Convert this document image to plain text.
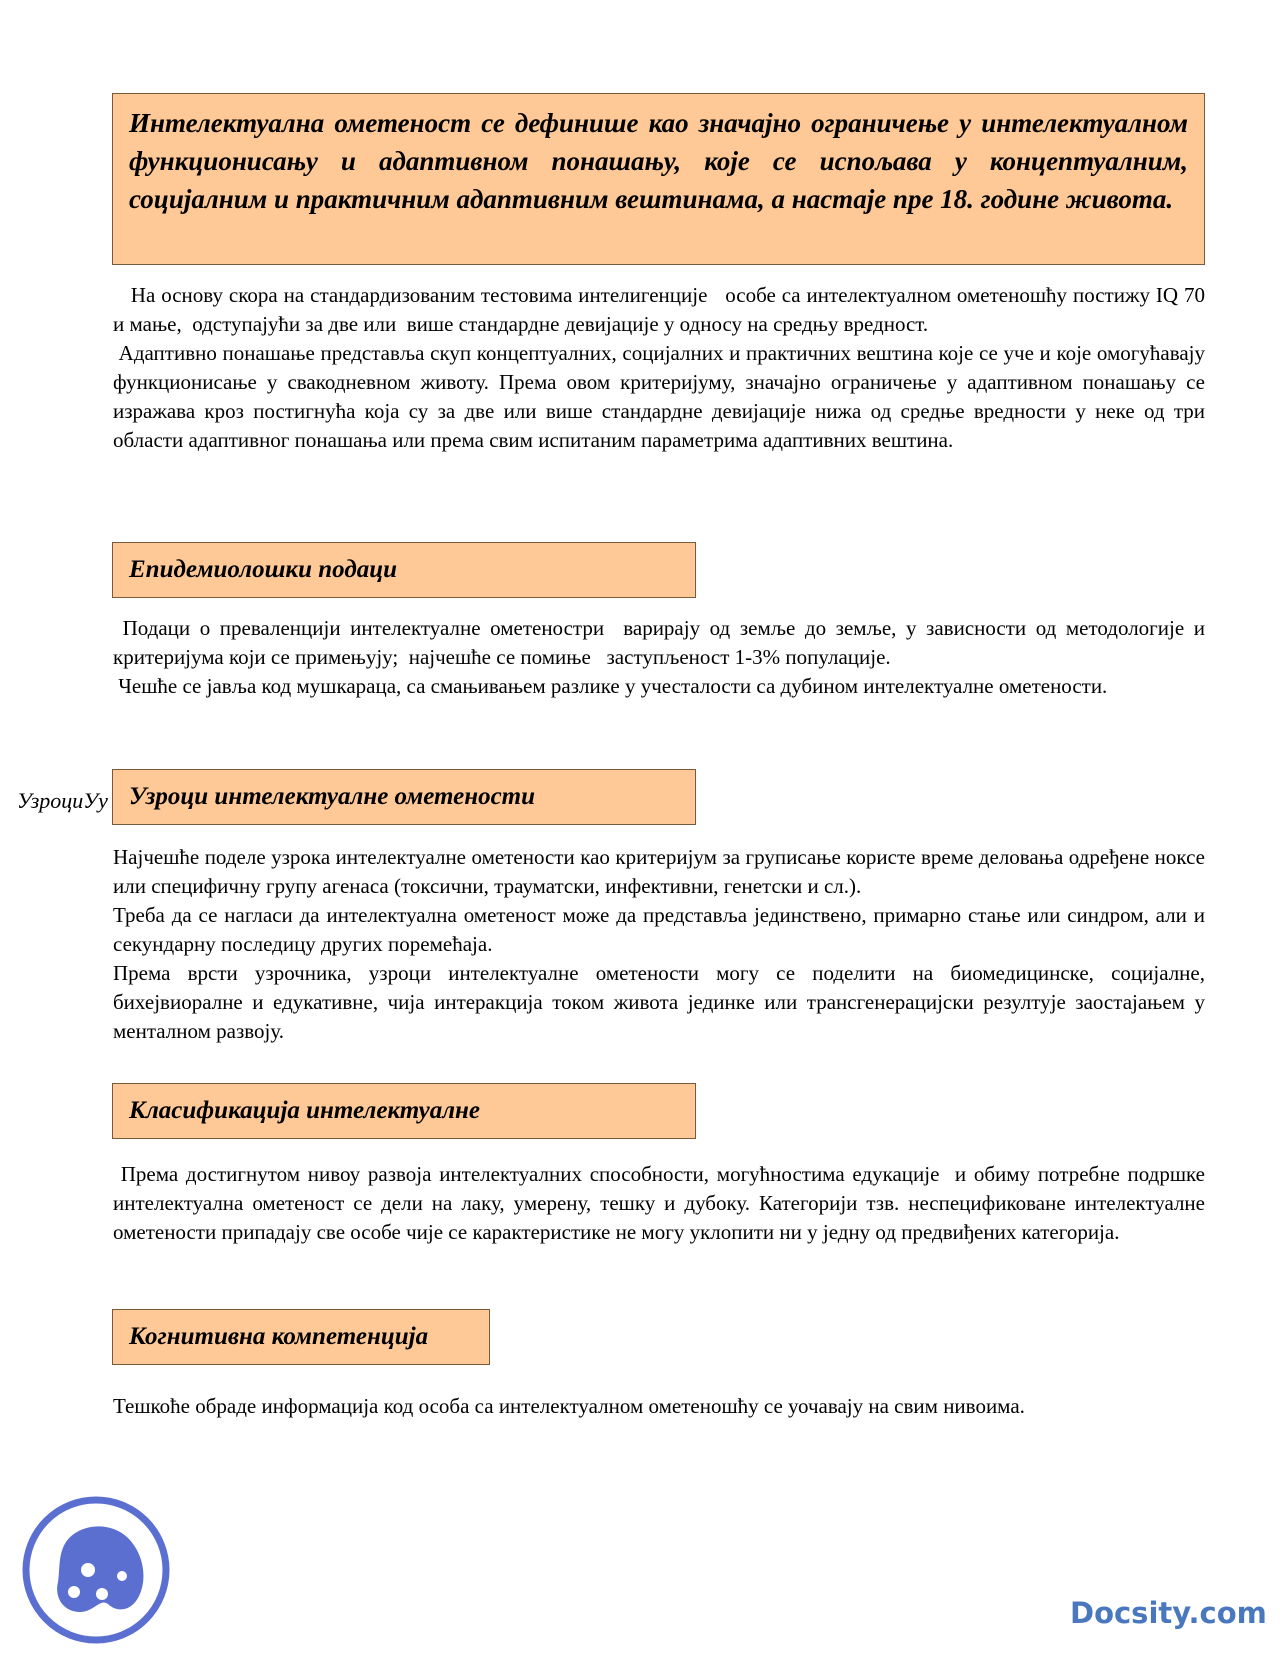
Интелектуална ометеност се дефинише као значајно ограничење у интелектуалном функционисању и адаптивном понашању, које се испољава у концептуалним, социјалним и практичним адаптивним вештинама, а настаје пре 18. године живота.

На основу скора на стандардизованим тестовима интелигенције   особе са интелектуалном ометеношћу постижу IQ 70 и мање,  одступајући за две или  више стандардне девијације у односу на средњу вредност.

Адаптивно понашање представља скуп концептуалних, социјалних и практичних вештина које се уче и које омогућавају функционисање у свакодневном животу. Према овом критеријуму, значајно ограничење у адаптивном понашању се изражава кроз постигнућа која су за две или више стандардне девијације нижа од средње вредности у неке од три области адаптивног понашања или према свим испитаним параметрима адаптивних вештина.

Епидемиолошки подаци

Подаци о преваленцији интелектуалне ометеностри  варирају од земље до земље, у зависности од методологије и критеријума који се примењују;  најчешће се помиње   заступљеност 1-3% популације.

Чешће се јавља код мушкараца, са смањивањем разлике у учесталости са дубином интелектуалне ометености.

УзроциУу Узроци интелектуалне ометености

Најчешће поделе узрока интелектуалне ометености као критеријум за груписање користе време деловања одређене ноксе или специфичну групу агенаса (токсични, трауматски, инфективни, генетски и сл.).

Треба да се нагласи да интелектуална ометеност може да представља јединствено, примарно стање или синдром, али и секундарну последицу других поремећаја.

Према врсти узрочника, узроци интелектуалне ометености могу се поделити на биомедицинске, социјалне, бихејвиоралне и едукативне, чија интеракција током живота јединке или трансгенерацијски резултује заостајањем у менталном развоју.

Класификација интелектуалне

Према достигнутом нивоу развоја интелектуалних способности, могућностима едукације  и обиму потребне подршке интелектуална ометеност се дели на лаку, умерену, тешку и дубоку. Категорији тзв. неспецификоване интелектуалне ометености припадају све особе чије се карактеристике не могу уклопити ни у једну од предвиђених категорија.

Когнитивна компетенција

Тешкоће обраде информација код особа са интелектуалном ометеношћу се уочавају на свим нивоима.

Docsity.com
